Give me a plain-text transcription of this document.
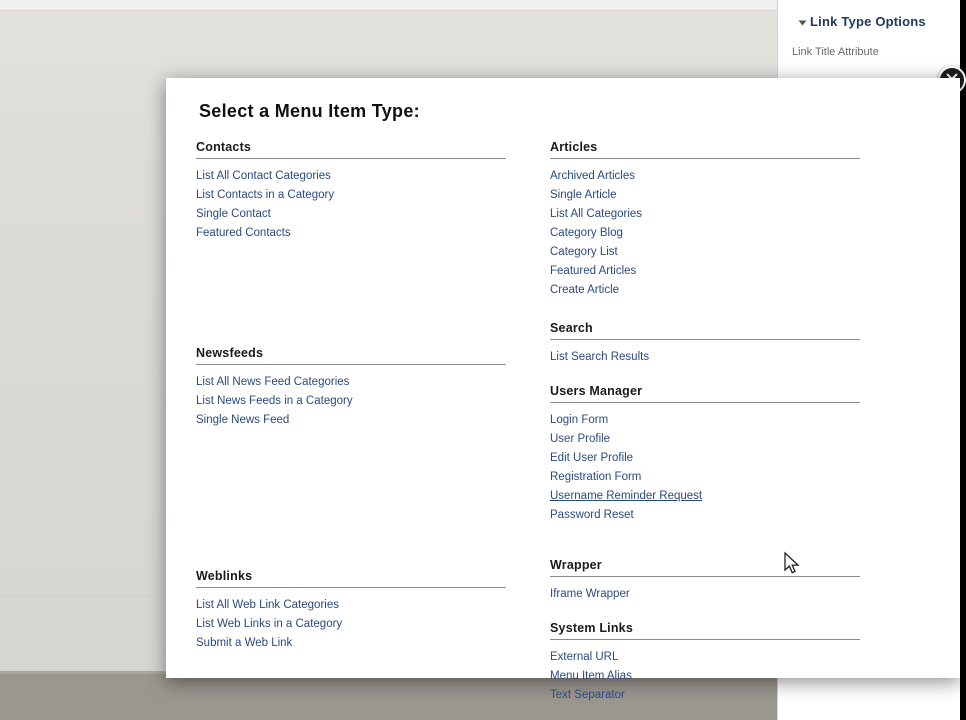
Link Type Options
Link Title Attribute
Select a Menu Item Type:
Contacts
List All Contact Categories
List Contacts in a Category
Single Contact
Featured Contacts
Newsfeeds
List All News Feed Categories
List News Feeds in a Category
Single News Feed
Weblinks
List All Web Link Categories
List Web Links in a Category
Submit a Web Link
Articles
Archived Articles
Single Article
List All Categories
Category Blog
Category List
Featured Articles
Create Article
Search
List Search Results
Users Manager
Login Form
User Profile
Edit User Profile
Registration Form
Username Reminder Request
Password Reset
Wrapper
Iframe Wrapper
System Links
External URL
Menu Item Alias
Text Separator
